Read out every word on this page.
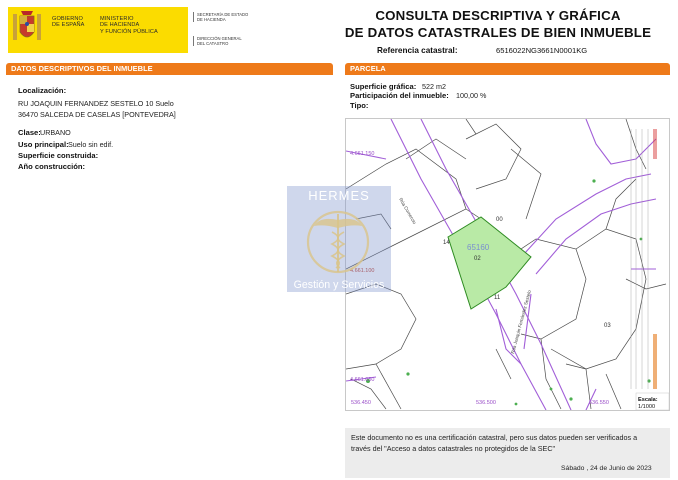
GOBIERNO
DE ESPAÑA
MINISTERIO
DE HACIENDA
Y FUNCIÓN PÚBLICA
SECRETARÍA DE ESTADO
DE HACIENDA
DIRECCIÓN GENERAL
DEL CATASTRO
CONSULTA DESCRIPTIVA Y GRÁFICA
DE DATOS CATASTRALES DE BIEN INMUEBLE
Referencia catastral:	6516022NG3661N0001KG
DATOS DESCRIPTIVOS DEL INMUEBLE
Localización:
RU JOAQUIN FERNANDEZ SESTELO 10 Suelo
36470 SALCEDA DE CASELAS [PONTEVEDRA]
Clase: URBANO
Uso principal: Suelo sin edif.
Superficie construida:
Año construcción:
PARCELA
Superficie gráfica: 522 m2
Participación del inmueble: 100,00 %
Tipo:
4.661.150
4.661.100
4.661.050
536.450	536.500	536.550
14
00
11
03
65160
02
Rúa Comercio
Rúa Joaquin Fernández Sestelo
Escala:
1/1000
HERMES
Gestión y Servicios
Este documento no es una certificación catastral, pero sus datos pueden ser verificados a
través del "Acceso a datos catastrales no protegidos de la SEC"
Sábado , 24 de Junio de 2023
